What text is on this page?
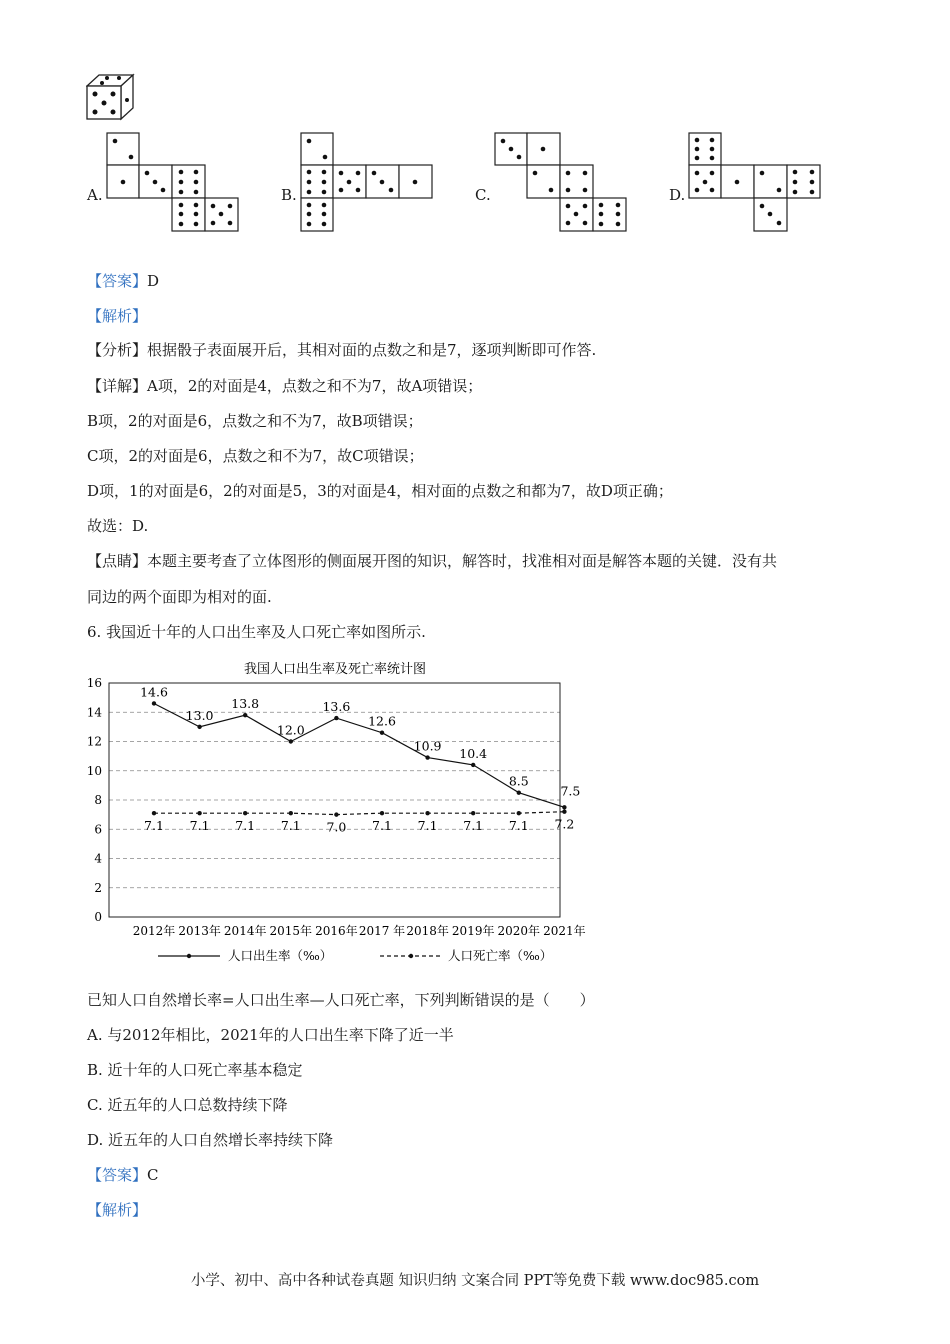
A.	B.	C.	D.
【答案】D
【解析】
【分析】根据骰子表面展开后，其相对面的点数之和是7，逐项判断即可作答.
【详解】A项，2的对面是4，点数之和不为7，故A项错误；
B项，2的对面是6，点数之和不为7，故B项错误；
C项，2的对面是6，点数之和不为7，故C项错误；
D项，1的对面是6，2的对面是5，3的对面是4，相对面的点数之和都为7，故D项正确；
故选：D.
【点睛】本题主要考查了立体图形的侧面展开图的知识，解答时，找准相对面是解答本题的关键．没有共
同边的两个面即为相对的面.
6. 我国近十年的人口出生率及人口死亡率如图所示.
我国人口出生率及死亡率统计图
0
2
4
6
8
10
12
14
16
2012年 2013年 2014年 2015年 2016年 2017 年 2018年 2019年 2020年 2021年
14.6
13.0
13.8
12.0
13.6
12.6
10.9 10.4
8.5
7.5
7.1 7.1 7.1 7.1 7.0 7.1 7.1 7.1 7.1 7.2
人口出生率（‰）	人口死亡率（‰）
已知人口自然增长率=人口出生率—人口死亡率，下列判断错误的是（　　）
A. 与2012年相比，2021年的人口出生率下降了近一半
B. 近十年的人口死亡率基本稳定
C. 近五年的人口总数持续下降
D. 近五年的人口自然增长率持续下降
【答案】C
【解析】
小学、初中、高中各种试卷真题 知识归纳 文案合同 PPT等免费下载 www.doc985.com
